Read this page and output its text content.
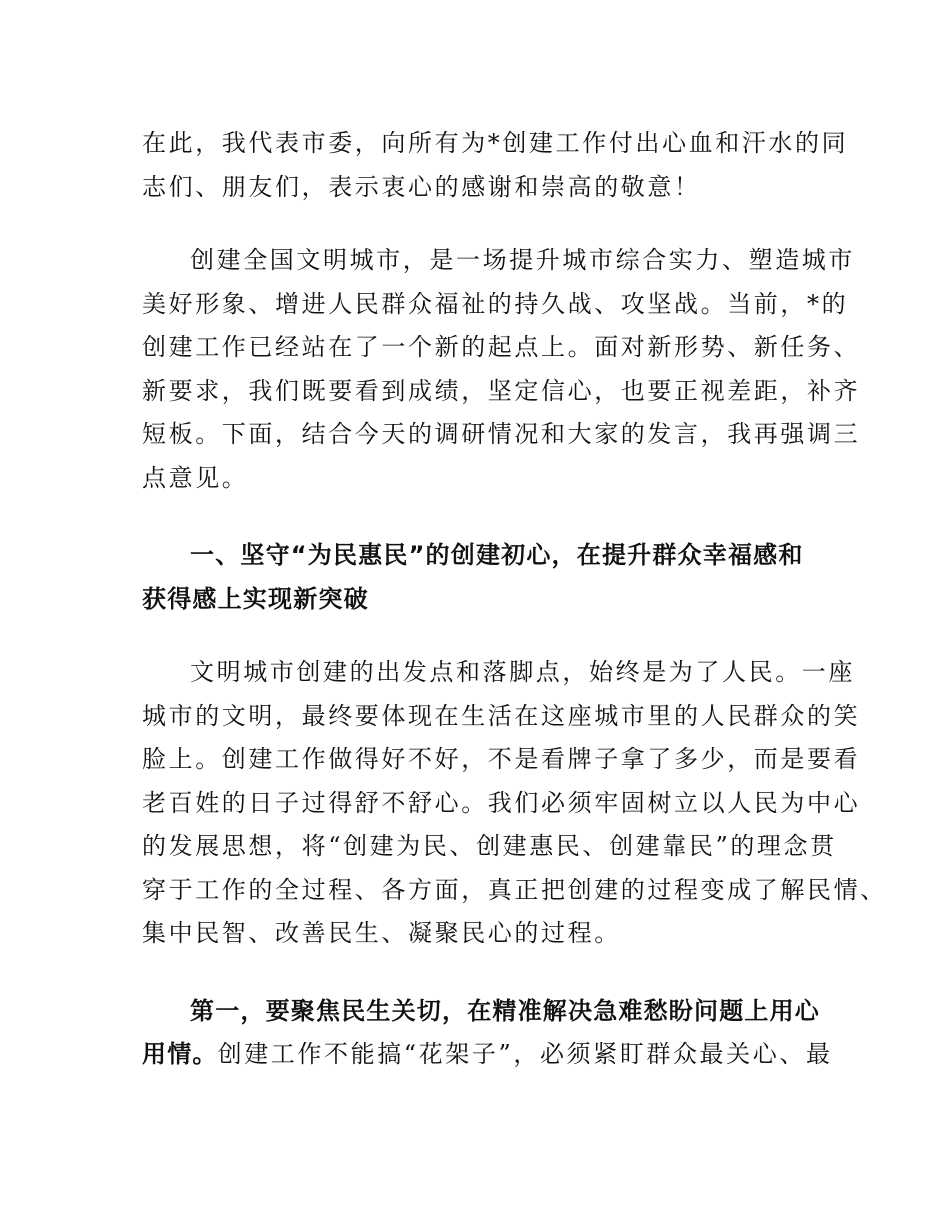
在此，我代表市委，向所有为*创建工作付出心血和汗水的同
志们、朋友们，表示衷心的感谢和崇高的敬意！

创建全国文明城市，是一场提升城市综合实力、塑造城市
美好形象、增进人民群众福祉的持久战、攻坚战。当前，*的
创建工作已经站在了一个新的起点上。面对新形势、新任务、
新要求，我们既要看到成绩，坚定信心，也要正视差距，补齐
短板。下面，结合今天的调研情况和大家的发言，我再强调三
点意见。

一、坚守“为民惠民”的创建初心，在提升群众幸福感和
获得感上实现新突破

文明城市创建的出发点和落脚点，始终是为了人民。一座
城市的文明，最终要体现在生活在这座城市里的人民群众的笑
脸上。创建工作做得好不好，不是看牌子拿了多少，而是要看
老百姓的日子过得舒不舒心。我们必须牢固树立以人民为中心
的发展思想，将“创建为民、创建惠民、创建靠民”的理念贯
穿于工作的全过程、各方面，真正把创建的过程变成了解民情、
集中民智、改善民生、凝聚民心的过程。

第一，要聚焦民生关切，在精准解决急难愁盼问题上用心
用情。创建工作不能搞“花架子”，必须紧盯群众最关心、最
